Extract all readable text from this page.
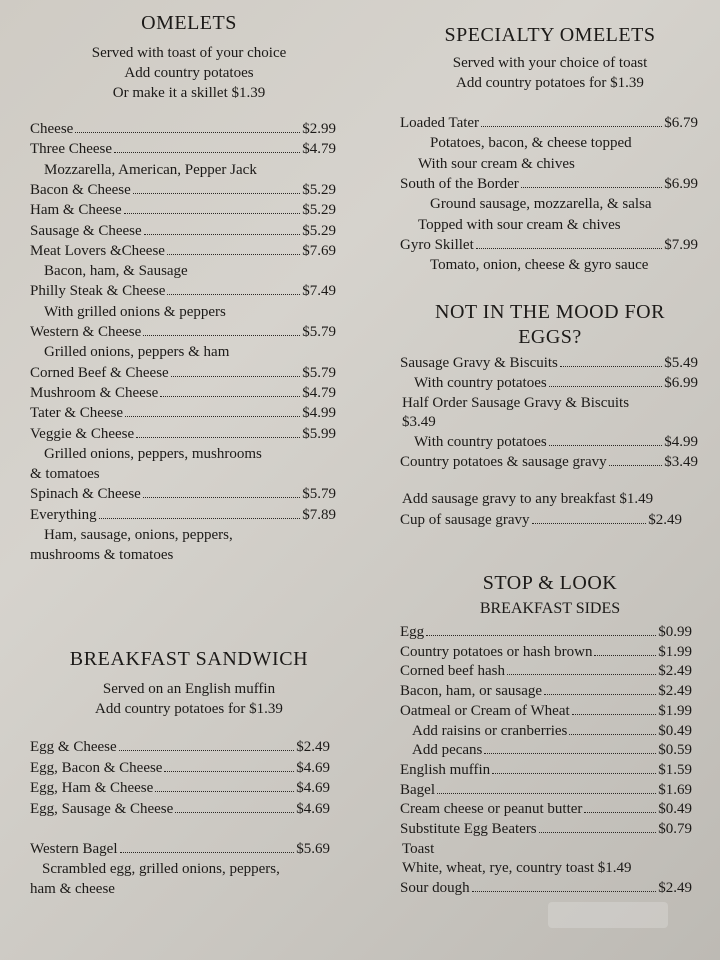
OMELETS
Served with toast of your choice
Add country potatoes
Or make it a skillet $1.39
Cheese	$2.99
Three Cheese	$4.79
Mozzarella, American, Pepper Jack
Bacon & Cheese	$5.29
Ham & Cheese	$5.29
Sausage & Cheese	$5.29
Meat Lovers &Cheese	$7.69
Bacon, ham, & Sausage
Philly Steak & Cheese	$7.49
With grilled onions & peppers
Western & Cheese	$5.79
Grilled onions, peppers & ham
Corned Beef & Cheese	$5.79
Mushroom & Cheese	$4.79
Tater & Cheese	$4.99
Veggie & Cheese	$5.99
Grilled onions, peppers, mushrooms
& tomatoes
Spinach & Cheese	$5.79
Everything	$7.89
Ham, sausage, onions, peppers,
mushrooms & tomatoes
BREAKFAST SANDWICH
Served on an English muffin
Add country potatoes for $1.39
Egg & Cheese	$2.49
Egg, Bacon & Cheese	$4.69
Egg, Ham & Cheese	$4.69
Egg, Sausage & Cheese	$4.69
Western Bagel	$5.69
Scrambled egg, grilled onions, peppers,
ham & cheese
SPECIALTY OMELETS
Served with your choice of toast
Add country potatoes for $1.39
Loaded Tater	$6.79
Potatoes, bacon, & cheese topped
With sour cream & chives
South of the Border	$6.99
Ground sausage, mozzarella, & salsa
Topped with sour cream & chives
Gyro Skillet	$7.99
Tomato, onion, cheese & gyro sauce
NOT IN THE MOOD FOR
EGGS?
Sausage Gravy & Biscuits	$5.49
With country potatoes	$6.99
Half Order Sausage Gravy & Biscuits
$3.49
With country potatoes	$4.99
Country potatoes & sausage gravy	$3.49
Add sausage gravy to any breakfast $1.49
Cup of sausage gravy	$2.49
STOP & LOOK
BREAKFAST SIDES
Egg	$0.99
Country potatoes or hash brown	$1.99
Corned beef hash	$2.49
Bacon, ham, or sausage	$2.49
Oatmeal or Cream of Wheat	$1.99
Add raisins or cranberries	$0.49
Add pecans	$0.59
English muffin	$1.59
Bagel	$1.69
Cream cheese or peanut butter	$0.49
Substitute Egg Beaters	$0.79
Toast
White, wheat, rye, country toast $1.49
Sour dough	$2.49
